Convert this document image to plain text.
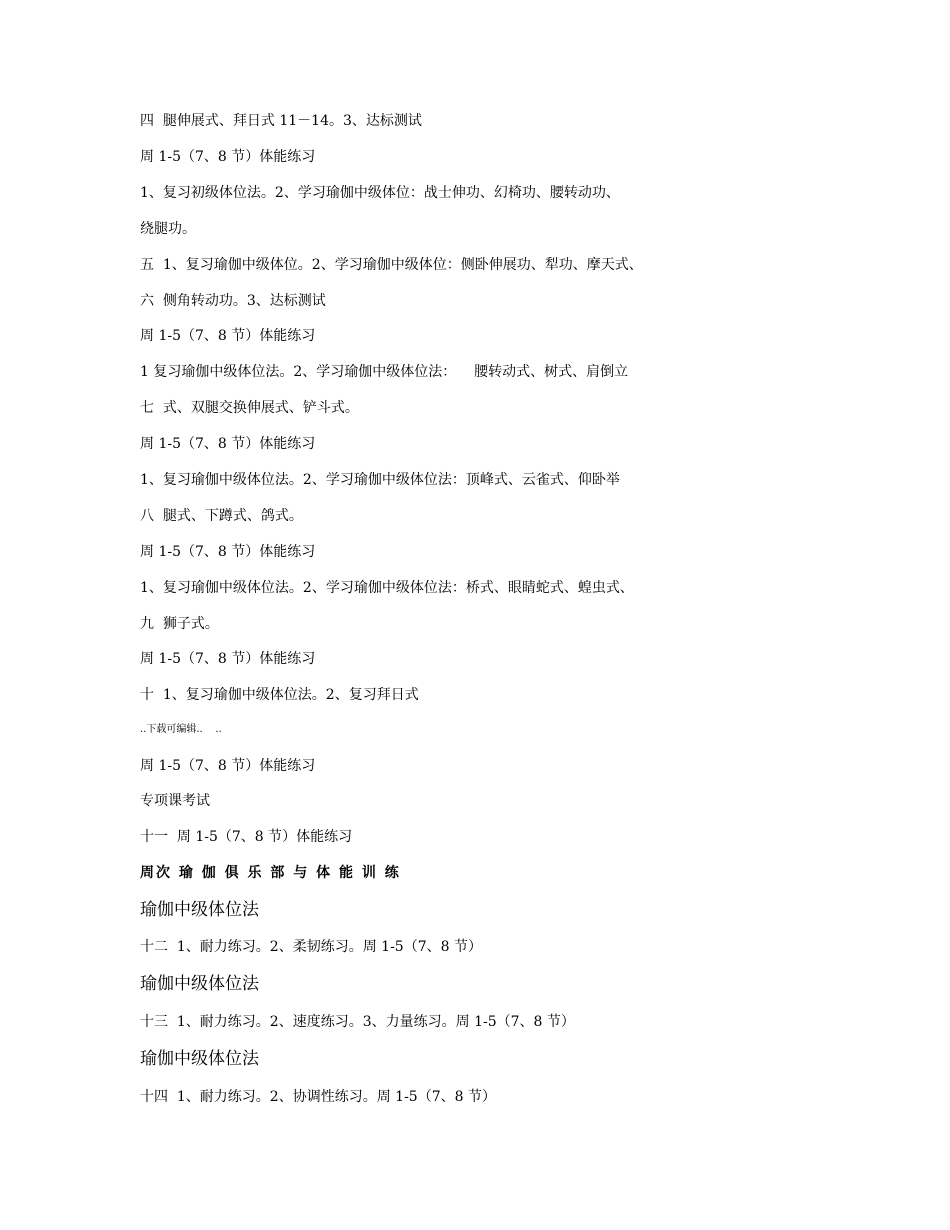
四  腿伸展式、拜日式 11－14。3、达标测试
周 1-5（7、8 节）体能练习
1、复习初级体位法。2、学习瑜伽中级体位：战士伸功、幻椅功、腰转动功、
绕腿功。
五  1、复习瑜伽中级体位。2、学习瑜伽中级体位：侧卧伸展功、犁功、摩天式、
六  侧角转动功。3、达标测试
周 1-5（7、8 节）体能练习
1 复习瑜伽中级体位法。2、学习瑜伽中级体位法：    腰转动式、树式、肩倒立
七  式、双腿交换伸展式、铲斗式。
周 1-5（7、8 节）体能练习
1、复习瑜伽中级体位法。2、学习瑜伽中级体位法：顶峰式、云雀式、仰卧举
八  腿式、下蹲式、鸽式。
周 1-5（7、8 节）体能练习
1、复习瑜伽中级体位法。2、学习瑜伽中级体位法：桥式、眼睛蛇式、蝗虫式、
九  狮子式。
周 1-5（7、8 节）体能练习
十  1、复习瑜伽中级体位法。2、复习拜日式
..下载可编辑..    ..
周 1-5（7、8 节）体能练习
专项课考试
十一  周 1-5（7、8 节）体能练习
周次 瑜 伽 俱 乐 部 与 体 能 训 练
瑜伽中级体位法
十二  1、耐力练习。2、柔韧练习。周 1-5（7、8 节）
瑜伽中级体位法
十三  1、耐力练习。2、速度练习。3、力量练习。周 1-5（7、8 节）
瑜伽中级体位法
十四  1、耐力练习。2、协调性练习。周 1-5（7、8 节）
